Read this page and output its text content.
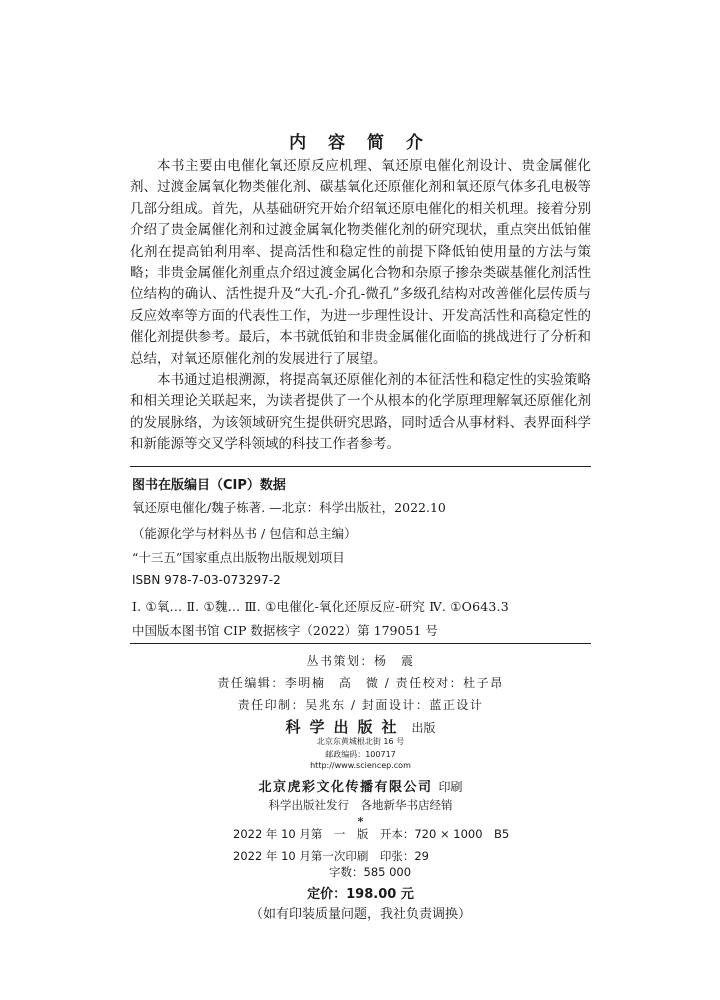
内 容 简 介

本书主要由电催化氧还原反应机理、氧还原电催化剂设计、贵金属催化剂、过渡金属氧化物类催化剂、碳基氧化还原催化剂和氧还原气体多孔电极等几部分组成。首先，从基础研究开始介绍氧还原电催化的相关机理。接着分别介绍了贵金属催化剂和过渡金属氧化物类催化剂的研究现状，重点突出低铂催化剂在提高铂利用率、提高活性和稳定性的前提下降低铂使用量的方法与策略；非贵金属催化剂重点介绍过渡金属化合物和杂原子掺杂类碳基催化剂活性位结构的确认、活性提升及“大孔-介孔-微孔”多级孔结构对改善催化层传质与反应效率等方面的代表性工作，为进一步理性设计、开发高活性和高稳定性的催化剂提供参考。最后，本书就低铂和非贵金属催化面临的挑战进行了分析和总结，对氧还原催化剂的发展进行了展望。

本书通过追根溯源，将提高氧还原催化剂的本征活性和稳定性的实验策略和相关理论关联起来，为读者提供了一个从根本的化学原理理解氧还原催化剂的发展脉络，为该领域研究生提供研究思路，同时适合从事材料、表界面科学和新能源等交叉学科领域的科技工作者参考。

图书在版编目（CIP）数据
氧还原电催化/魏子栋著. —北京：科学出版社，2022.10
（能源化学与材料丛书 / 包信和总主编）
“十三五”国家重点出版物出版规划项目
ISBN 978-7-03-073297-2
Ⅰ. ①氧… Ⅱ. ①魏… Ⅲ. ①电催化-氧化还原反应-研究 Ⅳ. ①O643.3
中国版本图书馆 CIP 数据核字（2022）第 179051 号
丛书策划：杨　震
责任编辑：李明楠　高　微 / 责任校对：杜子昂
责任印制：吴兆东 / 封面设计：蓝正设计
科学出版社 出版
北京东黄城根北街 16 号
邮政编码：100717
http://www.sciencep.com
北京虎彩文化传播有限公司 印刷
科学出版社发行　各地新华书店经销
*
2022 年 10 月第　一　版　开本：720 × 1000　B5
2022 年 10 月第一次印刷　印张：29
字数：585 000
定价：198.00 元
（如有印装质量问题，我社负责调换）
